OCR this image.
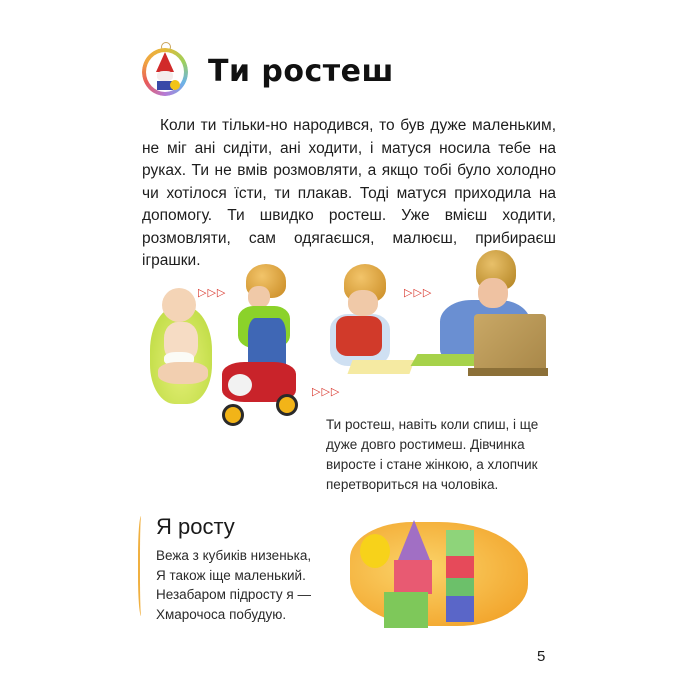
Ти ростеш

Коли ти тільки-но народився, то був дуже маленьким, не міг ані сидіти, ані ходити, і матуся носила тебе на руках. Ти не вмів розмовляти, а якщо тобі було холодно чи хотілося їсти, ти плакав. Тоді матуся приходила на допомогу. Ти швидко ростеш. Уже вмієш ходити, розмовляти, сам одягаєшся, малюєш, прибираєш іграшки.

▷▷▷
▷▷▷
▷▷▷

Ти ростеш, навіть коли спиш, і ще дуже довго ростимеш. Дівчинка виросте і стане жінкою, а хлопчик перетвориться на чоловіка.

Я росту
Вежа з кубиків низенька,
Я також іще маленький.
Незабаром підросту я —
Хмарочоса побудую.
5
